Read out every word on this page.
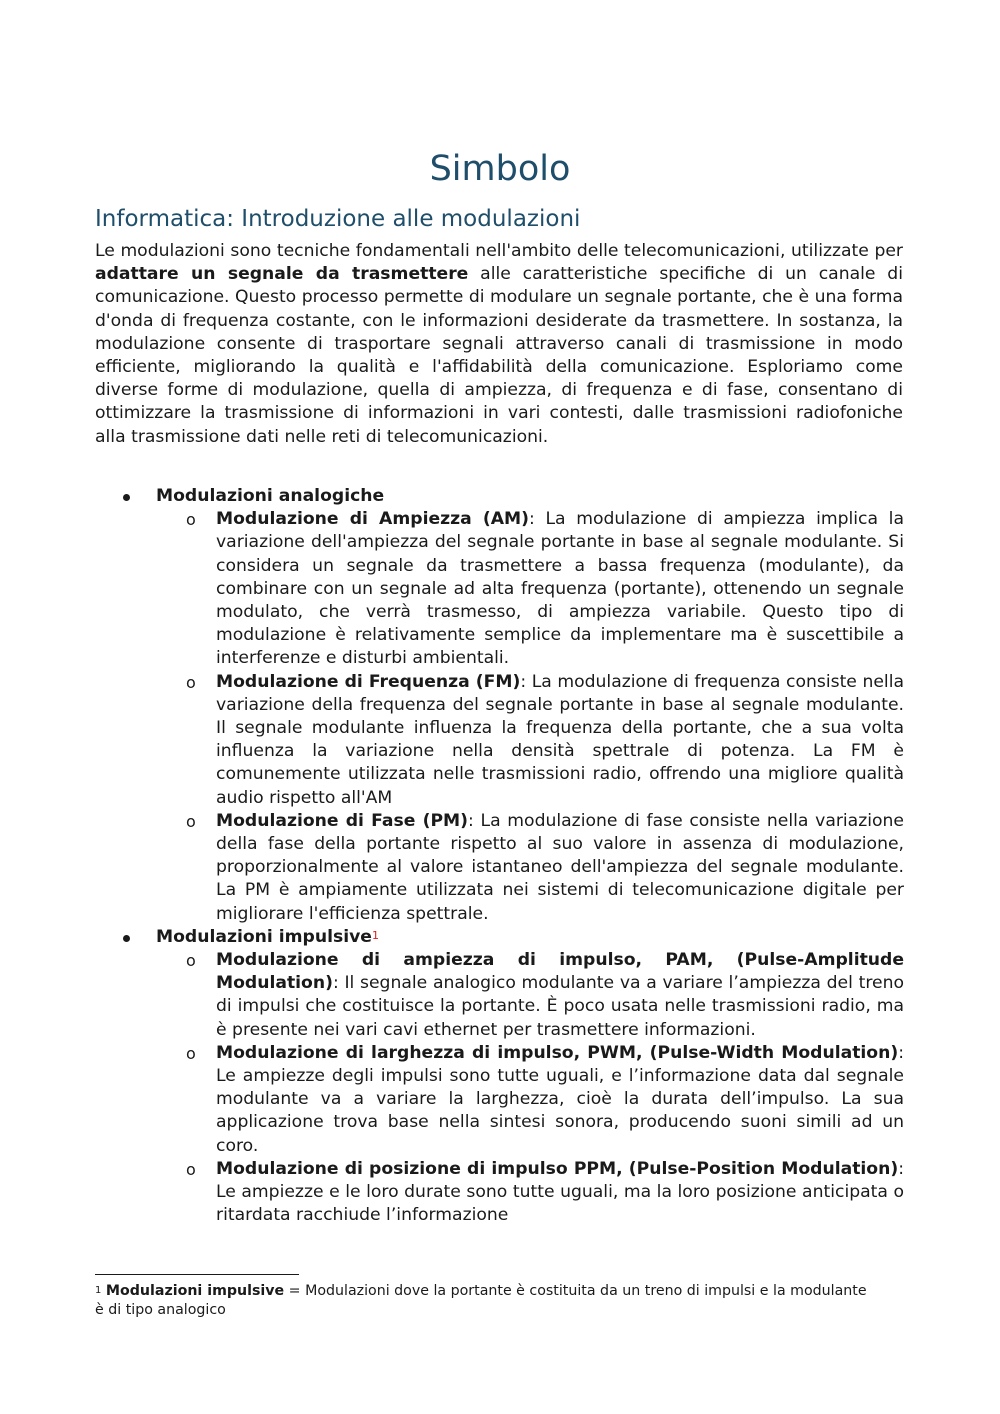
Simbolo
Informatica: Introduzione alle modulazioni

Le modulazioni sono tecniche fondamentali nell'ambito delle telecomunicazioni, utilizzate per adattare un segnale da trasmettere alle caratteristiche specifiche di un canale di comunicazione. Questo processo permette di modulare un segnale portante, che è una forma d'onda di frequenza costante, con le informazioni desiderate da trasmettere. In sostanza, la modulazione consente di trasportare segnali attraverso canali di trasmissione in modo efficiente, migliorando la qualità e l'affidabilità della comunicazione. Esploriamo come diverse forme di modulazione, quella di ampiezza, di frequenza e di fase, consentano di ottimizzare la trasmissione di informazioni in vari contesti, dalle trasmissioni radiofoniche alla trasmissione dati nelle reti di telecomunicazioni.

Modulazioni analogiche
o Modulazione di Ampiezza (AM): La modulazione di ampiezza implica la variazione dell'ampiezza del segnale portante in base al segnale modulante. Si considera un segnale da trasmettere a bassa frequenza (modulante), da combinare con un segnale ad alta frequenza (portante), ottenendo un segnale modulato, che verrà trasmesso, di ampiezza variabile. Questo tipo di modulazione è relativamente semplice da implementare ma è suscettibile a interferenze e disturbi ambientali.
o Modulazione di Frequenza (FM): La modulazione di frequenza consiste nella variazione della frequenza del segnale portante in base al segnale modulante. Il segnale modulante influenza la frequenza della portante, che a sua volta influenza la variazione nella densità spettrale di potenza. La FM è comunemente utilizzata nelle trasmissioni radio, offrendo una migliore qualità audio rispetto all'AM
o Modulazione di Fase (PM): La modulazione di fase consiste nella variazione della fase della portante rispetto al suo valore in assenza di modulazione, proporzionalmente al valore istantaneo dell'ampiezza del segnale modulante. La PM è ampiamente utilizzata nei sistemi di telecomunicazione digitale per migliorare l'efficienza spettrale.
Modulazioni impulsive$^1$
o Modulazione di ampiezza di impulso, PAM, (Pulse-Amplitude Modulation): Il segnale analogico modulante va a variare l’ampiezza del treno di impulsi che costituisce la portante. È poco usata nelle trasmissioni radio, ma è presente nei vari cavi ethernet per trasmettere informazioni.
o Modulazione di larghezza di impulso, PWM, (Pulse-Width Modulation): Le ampiezze degli impulsi sono tutte uguali, e l’informazione data dal segnale modulante va a variare la larghezza, cioè la durata dell’impulso. La sua applicazione trova base nella sintesi sonora, producendo suoni simili ad un coro.
o Modulazione di posizione di impulso PPM, (Pulse-Position Modulation): Le ampiezze e le loro durate sono tutte uguali, ma la loro posizione anticipata o ritardata racchiude l’informazione

$^1$ Modulazioni impulsive = Modulazioni dove la portante è costituita da un treno di impulsi e la modulante è di tipo analogico
